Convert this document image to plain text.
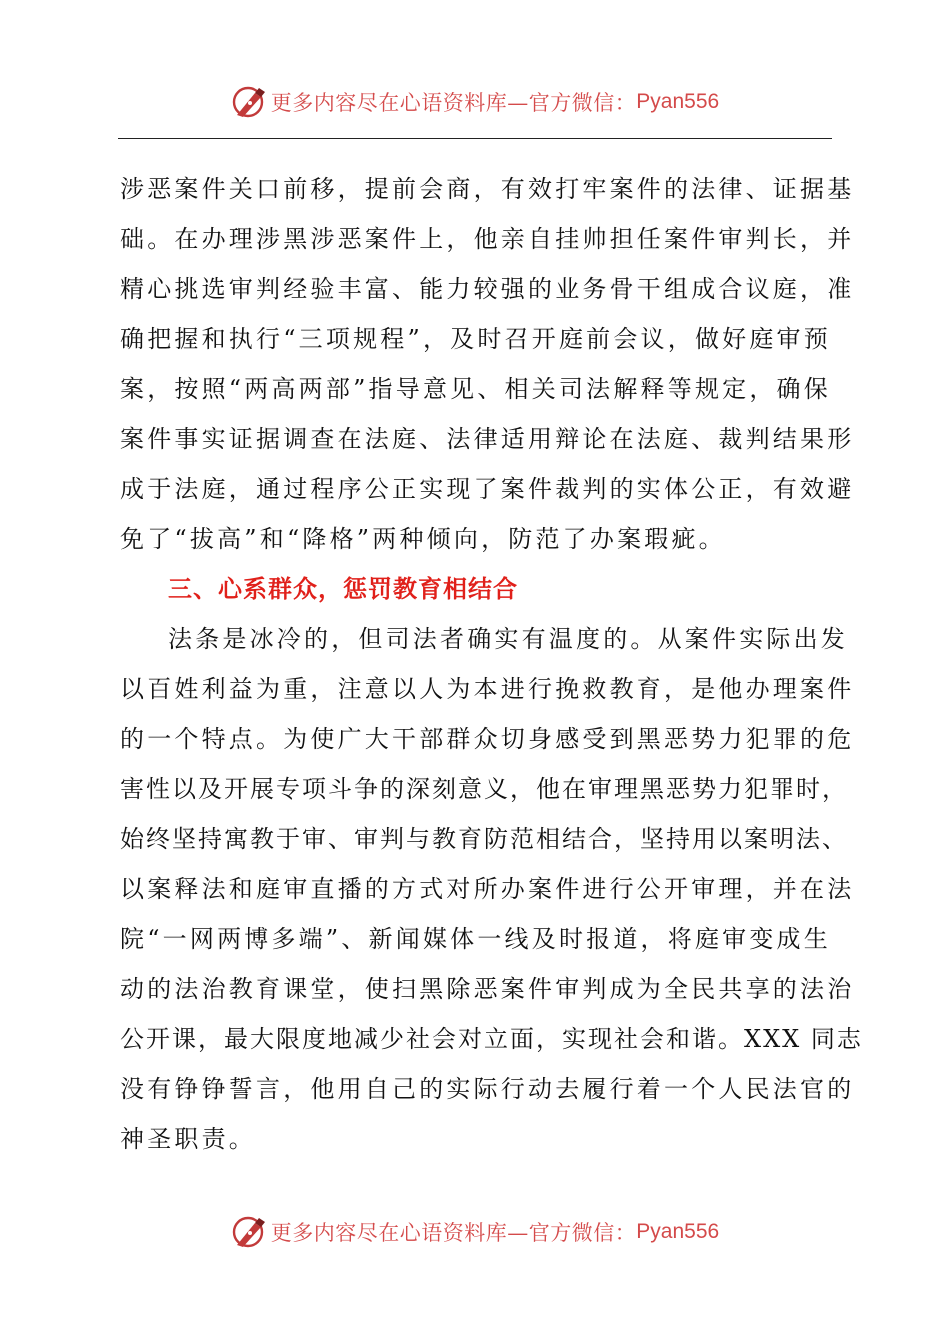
更多内容尽在心语资料库—官方微信： Pyan556
涉恶案件关口前移，提前会商，有效打牢案件的法律、证据基
础。在办理涉黑涉恶案件上，他亲自挂帅担任案件审判长，并
精心挑选审判经验丰富、能力较强的业务骨干组成合议庭，准
确把握和执行“三项规程”，及时召开庭前会议，做好庭审预
案，按照“两高两部”指导意见、相关司法解释等规定，确保
案件事实证据调查在法庭、法律适用辩论在法庭、裁判结果形
成于法庭，通过程序公正实现了案件裁判的实体公正，有效避
免了“拔高”和“降格”两种倾向，防范了办案瑕疵。
三、心系群众，惩罚教育相结合
法条是冰冷的，但司法者确实有温度的。从案件实际出发
以百姓利益为重，注意以人为本进行挽救教育，是他办理案件
的一个特点。为使广大干部群众切身感受到黑恶势力犯罪的危
害性以及开展专项斗争的深刻意义，他在审理黑恶势力犯罪时，
始终坚持寓教于审、审判与教育防范相结合，坚持用以案明法、
以案释法和庭审直播的方式对所办案件进行公开审理，并在法
院“一网两博多端”、新闻媒体一线及时报道，将庭审变成生
动的法治教育课堂，使扫黑除恶案件审判成为全民共享的法治
公开课，最大限度地减少社会对立面，实现社会和谐。XXX 同志
没有铮铮誓言，他用自己的实际行动去履行着一个人民法官的
神圣职责。
更多内容尽在心语资料库—官方微信： Pyan556
